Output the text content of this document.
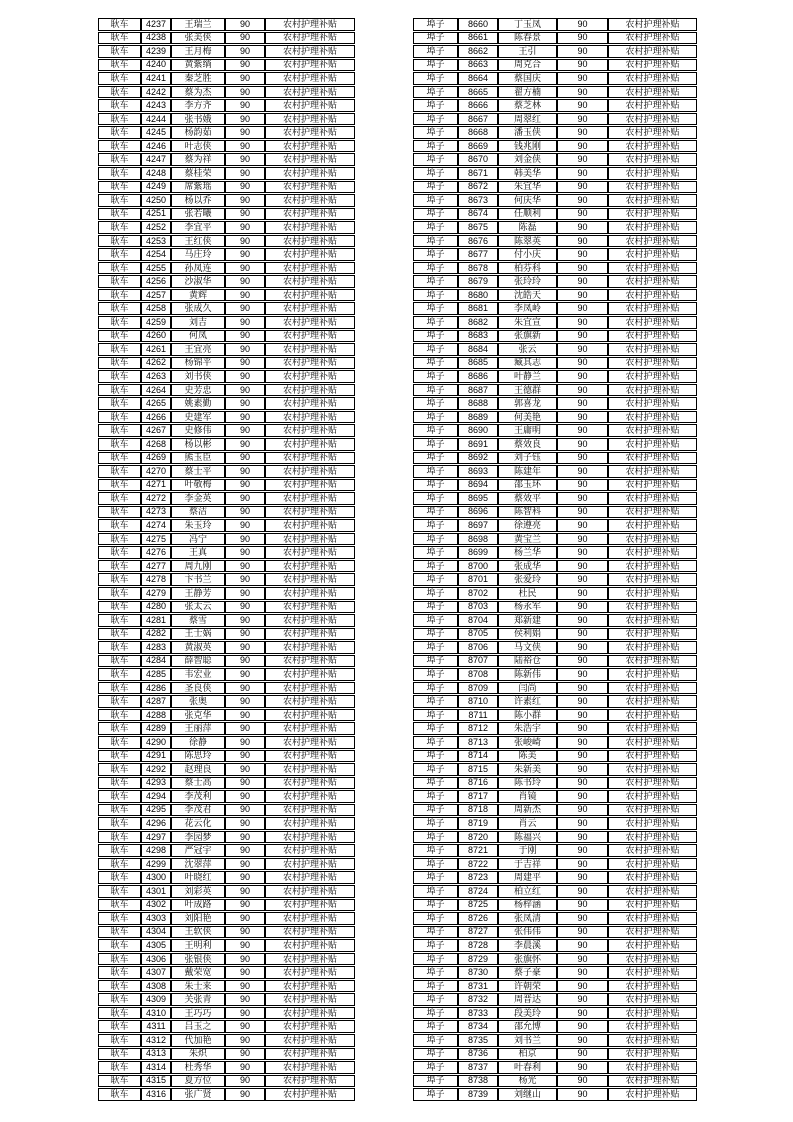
耿车	4237	王瑞兰	90	农村护理补贴
耿车	4238	张美侠	90	农村护理补贴
耿车	4239	王月梅	90	农村护理补贴
耿车	4240	黄紫绱	90	农村护理补贴
耿车	4241	秦芝胜	90	农村护理补贴
耿车	4242	蔡为杰	90	农村护理补贴
耿车	4243	李方齐	90	农村护理补贴
耿车	4244	张书娥	90	农村护理补贴
耿车	4245	杨韵茹	90	农村护理补贴
耿车	4246	叶志侠	90	农村护理补贴
耿车	4247	蔡为祥	90	农村护理补贴
耿车	4248	蔡桂荣	90	农村护理补贴
耿车	4249	席紫瑶	90	农村护理补贴
耿车	4250	杨以乔	90	农村护理补贴
耿车	4251	张若曦	90	农村护理补贴
耿车	4252	李宜平	90	农村护理补贴
耿车	4253	王红侠	90	农村护理补贴
耿车	4254	马庄玲	90	农村护理补贴
耿车	4255	孙凤连	90	农村护理补贴
耿车	4256	沙淑华	90	农村护理补贴
耿车	4257	黄辉	90	农村护理补贴
耿车	4258	张成久	90	农村护理补贴
耿车	4259	刘吉	90	农村护理补贴
耿车	4260	何凤	90	农村护理补贴
耿车	4261	王宜亮	90	农村护理补贴
耿车	4262	杨锦平	90	农村护理补贴
耿车	4263	刘书侠	90	农村护理补贴
耿车	4264	史芳忠	90	农村护理补贴
耿车	4265	姚素勤	90	农村护理补贴
耿车	4266	史建军	90	农村护理补贴
耿车	4267	史修伟	90	农村护理补贴
耿车	4268	杨以彬	90	农村护理补贴
耿车	4269	熊玉臣	90	农村护理补贴
耿车	4270	蔡士平	90	农村护理补贴
耿车	4271	叶敬梅	90	农村护理补贴
耿车	4272	李金英	90	农村护理补贴
耿车	4273	蔡洁	90	农村护理补贴
耿车	4274	朱玉玲	90	农村护理补贴
耿车	4275	冯宁	90	农村护理补贴
耿车	4276	王真	90	农村护理补贴
耿车	4277	周九刚	90	农村护理补贴
耿车	4278	卞书兰	90	农村护理补贴
耿车	4279	王静芳	90	农村护理补贴
耿车	4280	张太云	90	农村护理补贴
耿车	4281	蔡雪	90	农村护理补贴
耿车	4282	王士娲	90	农村护理补贴
耿车	4283	黄淑英	90	农村护理补贴
耿车	4284	薛智聪	90	农村护理补贴
耿车	4285	韦宏业	90	农村护理补贴
耿车	4286	圣良侠	90	农村护理补贴
耿车	4287	张奥	90	农村护理补贴
耿车	4288	张克华	90	农村护理补贴
耿车	4289	王丽萍	90	农村护理补贴
耿车	4290	徐静	90	农村护理补贴
耿车	4291	陈思玲	90	农村护理补贴
耿车	4292	赵理良	90	农村护理补贴
耿车	4293	蔡士高	90	农村护理补贴
耿车	4294	李茂利	90	农村护理补贴
耿车	4295	李茂君	90	农村护理补贴
耿车	4296	花云化	90	农村护理补贴
耿车	4297	李园梦	90	农村护理补贴
耿车	4298	严冠宇	90	农村护理补贴
耿车	4299	沈翠萍	90	农村护理补贴
耿车	4300	叶晓红	90	农村护理补贴
耿车	4301	刘彩英	90	农村护理补贴
耿车	4302	叶成路	90	农村护理补贴
耿车	4303	刘阳艳	90	农村护理补贴
耿车	4304	王软侠	90	农村护理补贴
耿车	4305	王明利	90	农村护理补贴
耿车	4306	张银侠	90	农村护理补贴
耿车	4307	戴荣宽	90	农村护理补贴
耿车	4308	朱士来	90	农村护理补贴
耿车	4309	关张青	90	农村护理补贴
耿车	4310	王巧巧	90	农村护理补贴
耿车	4311	吕玉之	90	农村护理补贴
耿车	4312	代加艳	90	农村护理补贴
耿车	4313	朱炽	90	农村护理补贴
耿车	4314	杜秀华	90	农村护理补贴
耿车	4315	夏方位	90	农村护理补贴
耿车	4316	张广贤	90	农村护理补贴
埠子	8660	丁玉凤	90	农村护理补贴
埠子	8661	陈春景	90	农村护理补贴
埠子	8662	王引	90	农村护理补贴
埠子	8663	周克合	90	农村护理补贴
埠子	8664	蔡国庆	90	农村护理补贴
埠子	8665	翟方楠	90	农村护理补贴
埠子	8666	蔡芝林	90	农村护理补贴
埠子	8667	周翠红	90	农村护理补贴
埠子	8668	潘玉侠	90	农村护理补贴
埠子	8669	钱兆刚	90	农村护理补贴
埠子	8670	刘金侠	90	农村护理补贴
埠子	8671	韩美华	90	农村护理补贴
埠子	8672	朱宜华	90	农村护理补贴
埠子	8673	何庆华	90	农村护理补贴
埠子	8674	任顺利	90	农村护理补贴
埠子	8675	陈磊	90	农村护理补贴
埠子	8676	陈翠英	90	农村护理补贴
埠子	8677	付小庆	90	农村护理补贴
埠子	8678	柏芬科	90	农村护理补贴
埠子	8679	张玲玲	90	农村护理补贴
埠子	8680	沈皓天	90	农村护理补贴
埠子	8681	李凤岭	90	农村护理补贴
埠子	8682	朱宜宣	90	农村护理补贴
埠子	8683	张旗新	90	农村护理补贴
埠子	8684	张云	90	农村护理补贴
埠子	8685	臧其志	90	农村护理补贴
埠子	8686	叶静兰	90	农村护理补贴
埠子	8687	王德群	90	农村护理补贴
埠子	8688	郭喜龙	90	农村护理补贴
埠子	8689	何美艳	90	农村护理补贴
埠子	8690	王庸明	90	农村护理补贴
埠子	8691	蔡效良	90	农村护理补贴
埠子	8692	刘子钰	90	农村护理补贴
埠子	8693	陈建年	90	农村护理补贴
埠子	8694	邵玉环	90	农村护理补贴
埠子	8695	蔡效平	90	农村护理补贴
埠子	8696	陈智科	90	农村护理补贴
埠子	8697	徐遵亮	90	农村护理补贴
埠子	8698	黄宝兰	90	农村护理补贴
埠子	8699	杨兰华	90	农村护理补贴
埠子	8700	张成华	90	农村护理补贴
埠子	8701	张爱玲	90	农村护理补贴
埠子	8702	杜民	90	农村护理补贴
埠子	8703	杨永军	90	农村护理补贴
埠子	8704	郑新建	90	农村护理补贴
埠子	8705	侯利娟	90	农村护理补贴
埠子	8706	马文侠	90	农村护理补贴
埠子	8707	陆裕仓	90	农村护理补贴
埠子	8708	陈新伟	90	农村护理补贴
埠子	8709	闫尚	90	农村护理补贴
埠子	8710	许素红	90	农村护理补贴
埠子	8711	陈小群	90	农村护理补贴
埠子	8712	朱浩宇	90	农村护理补贴
埠子	8713	张峻崎	90	农村护理补贴
埠子	8714	陈美	90	农村护理补贴
埠子	8715	朱新美	90	农村护理补贴
埠子	8716	陈书玲	90	农村护理补贴
埠子	8717	肖镜	90	农村护理补贴
埠子	8718	周新杰	90	农村护理补贴
埠子	8719	肖云	90	农村护理补贴
埠子	8720	陈福兴	90	农村护理补贴
埠子	8721	于刚	90	农村护理补贴
埠子	8722	于吉祥	90	农村护理补贴
埠子	8723	周建平	90	农村护理补贴
埠子	8724	柏立红	90	农村护理补贴
埠子	8725	杨梓涵	90	农村护理补贴
埠子	8726	张凤清	90	农村护理补贴
埠子	8727	张伟伟	90	农村护理补贴
埠子	8728	李晨溪	90	农村护理补贴
埠子	8729	张旗怀	90	农村护理补贴
埠子	8730	蔡子豪	90	农村护理补贴
埠子	8731	许朝荣	90	农村护理补贴
埠子	8732	周晋达	90	农村护理补贴
埠子	8733	段美玲	90	农村护理补贴
埠子	8734	邵允博	90	农村护理补贴
埠子	8735	刘书兰	90	农村护理补贴
埠子	8736	柏京	90	农村护理补贴
埠子	8737	叶春利	90	农村护理补贴
埠子	8738	杨光	90	农村护理补贴
埠子	8739	刘继山	90	农村护理补贴
